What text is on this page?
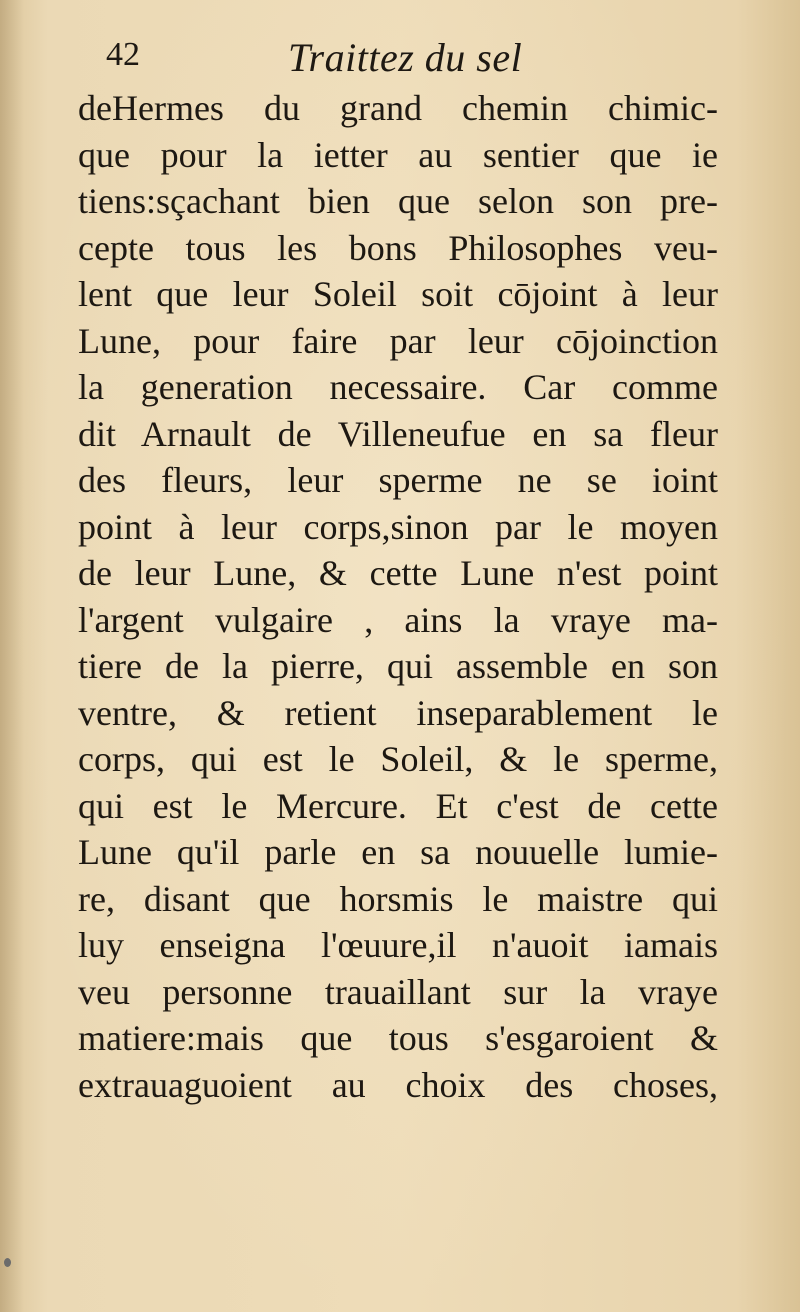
42	Traittez du sel
deHermes du grand chemin chimic-
que pour la ietter au sentier que ie
tiens:sçachant bien que selon son pre-
cepte tous les bons Philosophes veu-
lent que leur Soleil soit cōjoint à leur
Lune, pour faire par leur cōjoinction
la generation necessaire. Car comme
dit Arnault de Villeneufue en sa fleur
des fleurs, leur sperme ne se ioint
point à leur corps,sinon par le moyen
de leur Lune, & cette Lune n'est point
l'argent vulgaire , ains la vraye ma-
tiere de la pierre, qui assemble en son
ventre, & retient inseparablement le
corps, qui est le Soleil, & le sperme,
qui est le Mercure. Et c'est de cette
Lune qu'il parle en sa nouuelle lumie-
re, disant que horsmis le maistre qui
luy enseigna l'œuure,il n'auoit iamais
veu personne trauaillant sur la vraye
matiere:mais que tous s'esgaroient &
extrauaguoient au choix des choses,
